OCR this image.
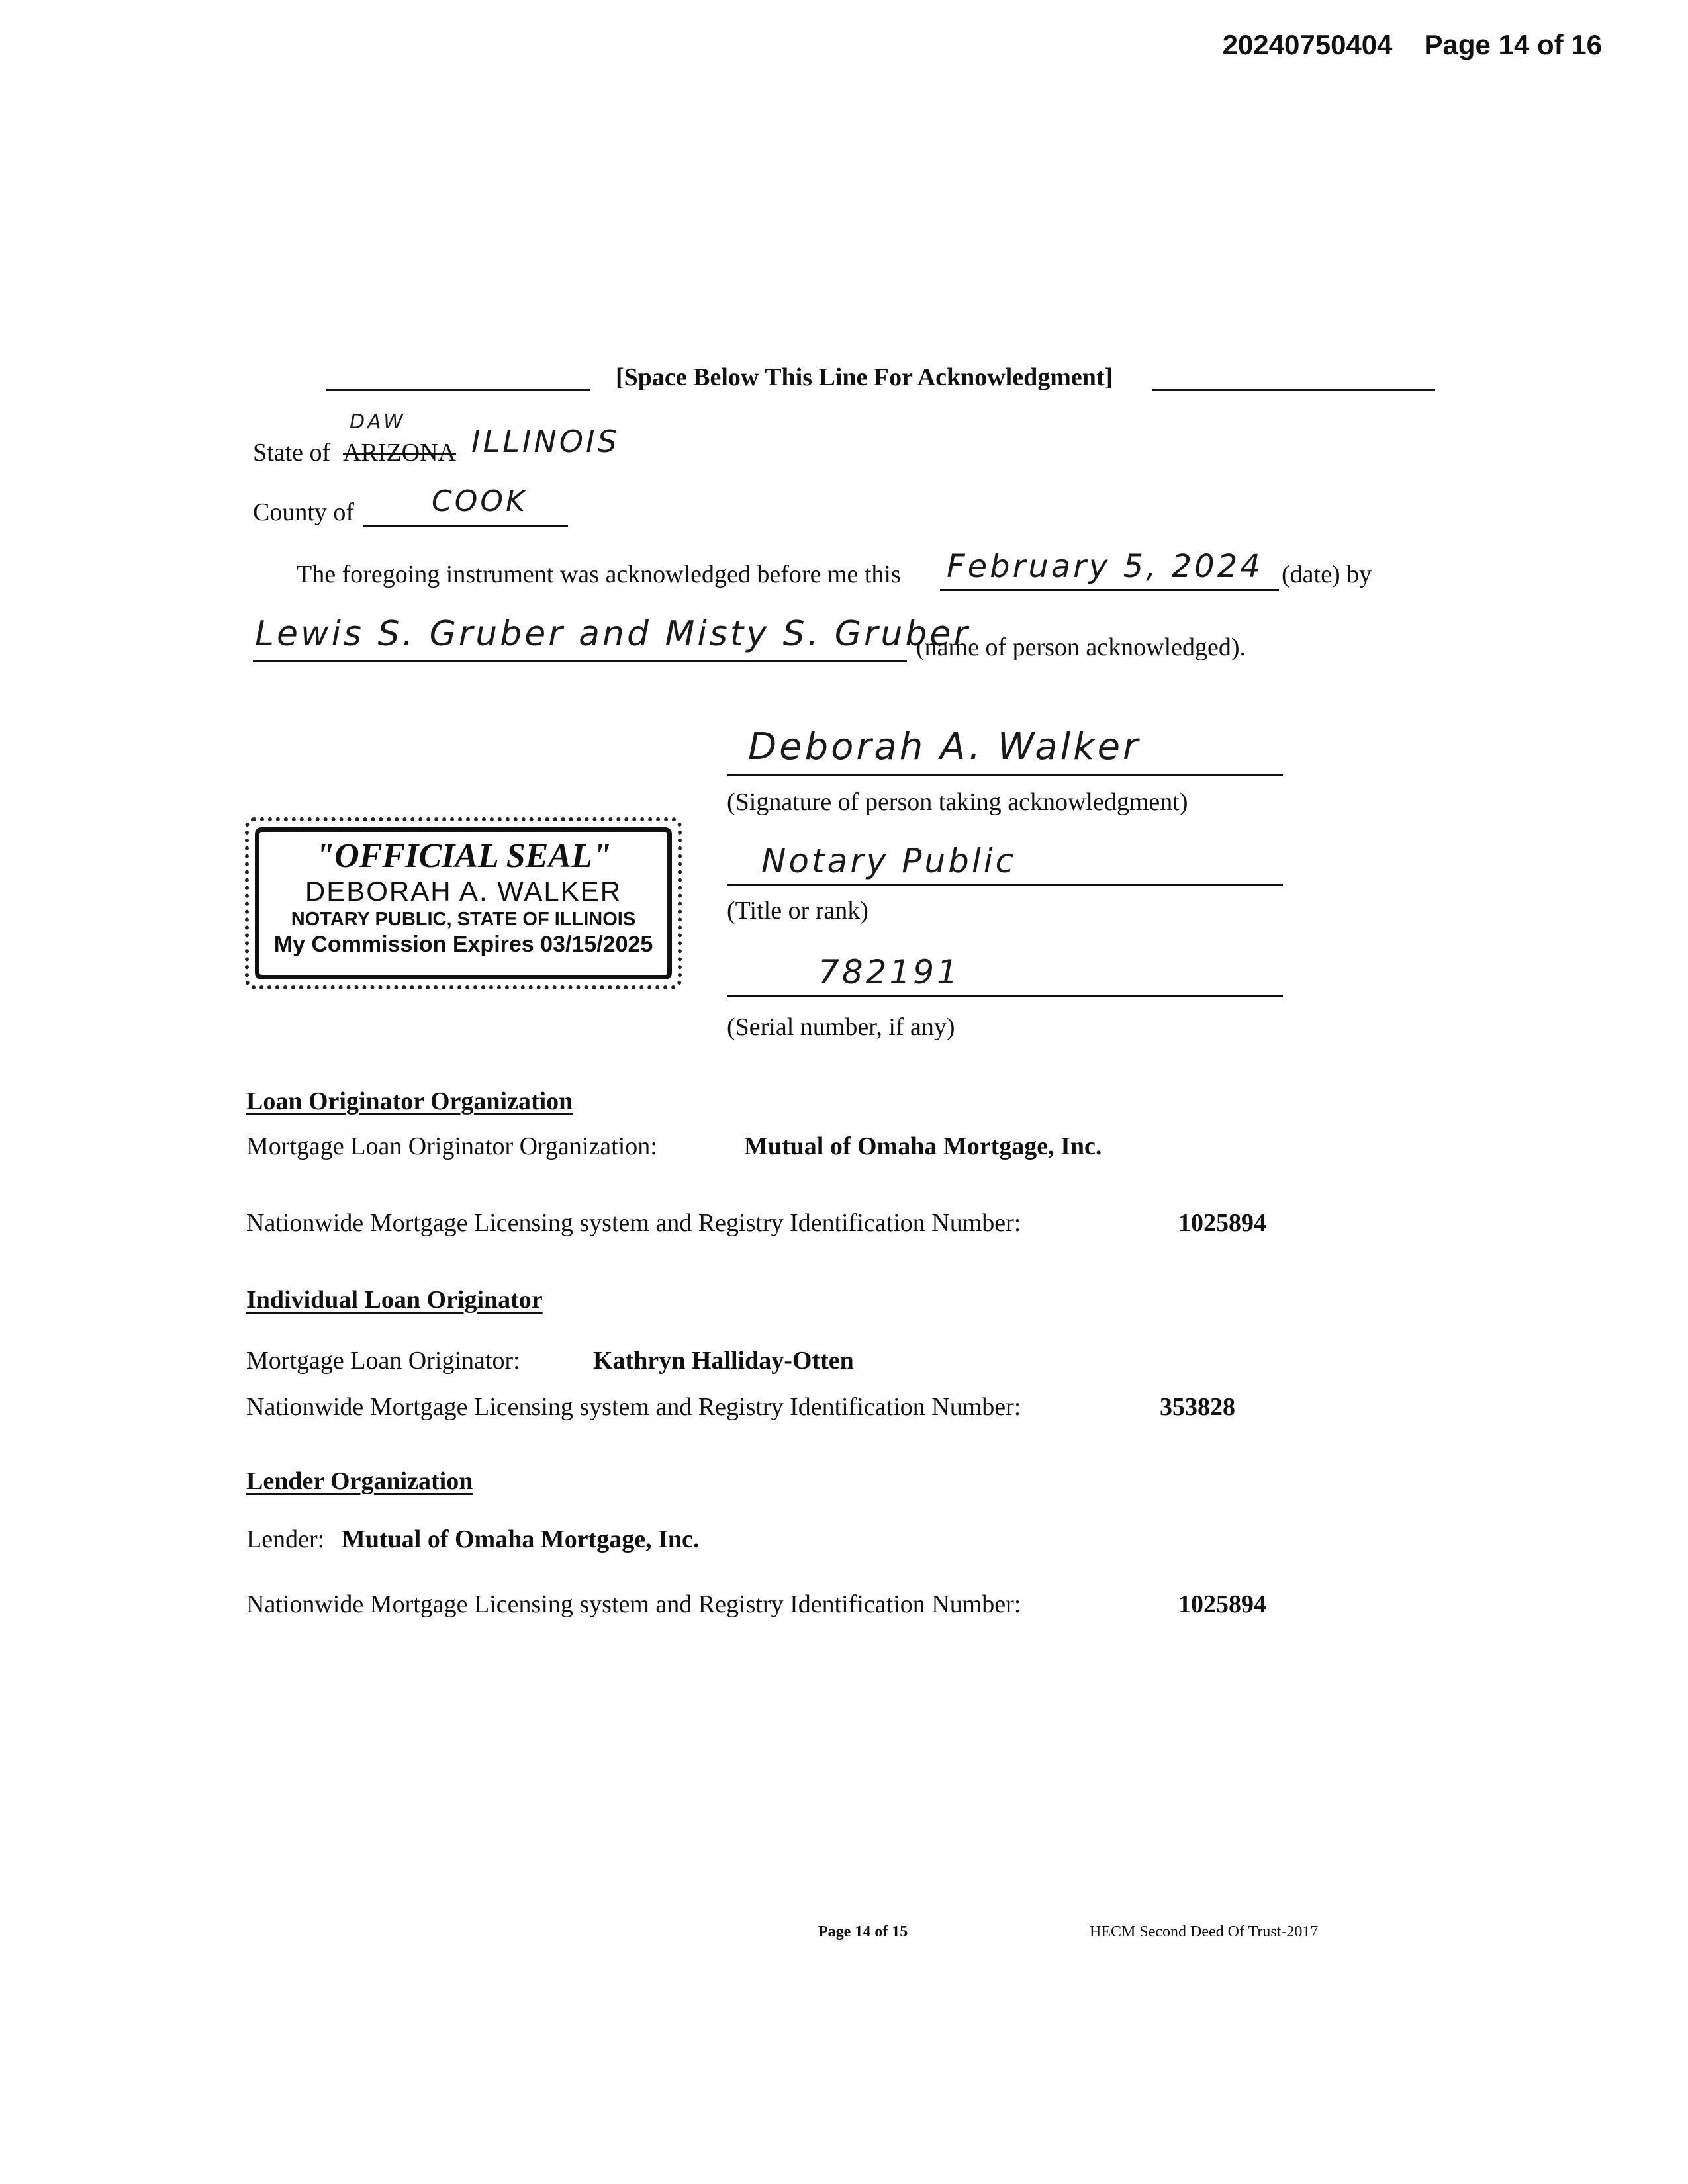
20240750404 Page 14 of 16
[Space Below This Line For Acknowledgment]
State of ARIZONA
DAW
ILLINOIS
County of	COOK
The foregoing instrument was acknowledged before me this February 5, 2024 (date) by
Lewis S. Gruber and Misty S. Gruber
(name of person acknowledged).
Deborah A. Walker
(Signature of person taking acknowledgment)
Notary Public
(Title or rank)
782191
(Serial number, if any)
"OFFICIAL SEAL"
DEBORAH A. WALKER
NOTARY PUBLIC, STATE OF ILLINOIS
My Commission Expires 03/15/2025
Loan Originator Organization
Mortgage Loan Originator Organization:	Mutual of Omaha Mortgage, Inc.
Nationwide Mortgage Licensing system and Registry Identification Number:	1025894
Individual Loan Originator
Mortgage Loan Originator:	Kathryn Halliday-Otten
Nationwide Mortgage Licensing system and Registry Identification Number:	353828
Lender Organization
Lender: Mutual of Omaha Mortgage, Inc.
Nationwide Mortgage Licensing system and Registry Identification Number:	1025894
Page 14 of 15	HECM Second Deed Of Trust-2017
